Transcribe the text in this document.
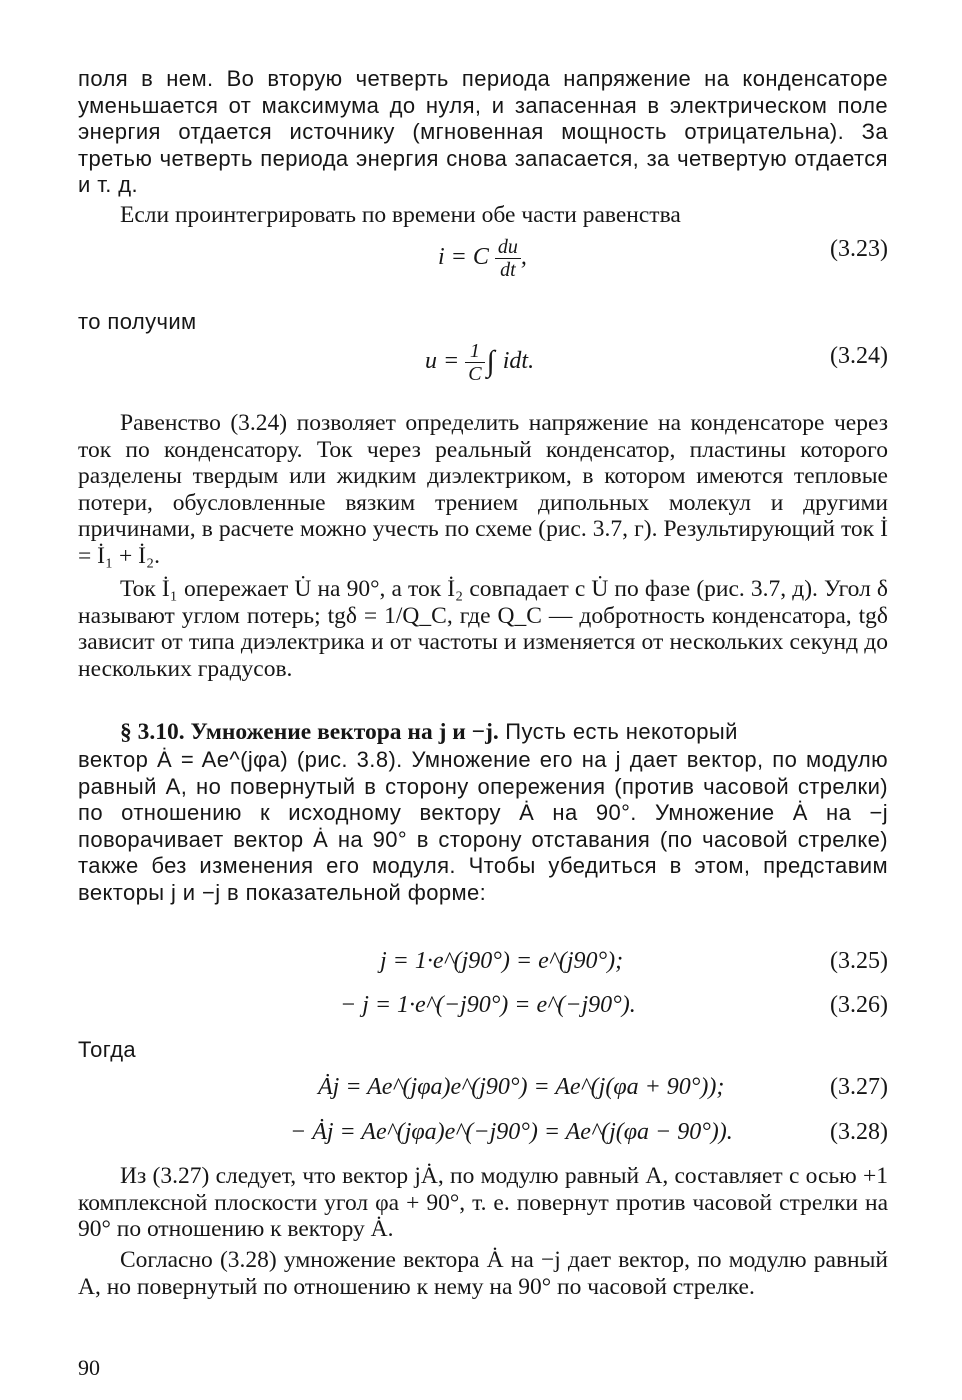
поля в нем. Во вторую четверть периода напряжение на конденсаторе уменьшается от максимума до нуля, и запасенная в электрическом поле энергия отдается источнику (мгновенная мощность отрицательна). За третью четверть периода энергия снова запасается, за четвертую отдается и т. д.

Если проинтегрировать по времени обе части равенства
i = C $\frac{du}{dt}$ ,	(3.23)
то получим
$u = \frac{1}{C}$ ∫ idt.	(3.24)

Равенство (3.24) позволяет определить напряжение на конденсаторе через ток по конденсатору. Ток через реальный конденсатор, пластины которого разделены твердым или жидким диэлектриком, в котором имеются тепловые потери, обусловленные вязким трением дипольных молекул и другими причинами, в расчете можно учесть по схеме (рис. 3.7, г). Результирующий ток İ = İ₁ + İ₂.

Ток İ₁ опережает U̇ на 90°, а ток İ₂ совпадает с U̇ по фазе (рис. 3.7, д). Угол δ называют углом потерь; tgδ = 1/Q_C, где Q_C — добротность конденсатора, tgδ зависит от типа диэлектрика и от частоты и изменяется от нескольких секунд до нескольких градусов.

§ 3.10. Умножение вектора на j и −j. Пусть есть некоторый

вектор Ȧ = Ae^(jφa) (рис. 3.8). Умножение его на j дает вектор, по модулю равный A, но повернутый в сторону опережения (против часовой стрелки) по отношению к исходному вектору Ȧ на 90°. Умножение Ȧ на −j поворачивает вектор Ȧ на 90° в сторону отставания (по часовой стрелке) также без изменения его модуля. Чтобы убедиться в этом, представим векторы j и −j в показательной форме:

j = 1·e^(j90°) = e^(j90°);	(3.25)
− j = 1·e^(−j90°) = e^(−j90°).	(3.26)
Тогда
Ȧj = Ae^(jφa)e^(j90°) = Ae^(j(φa + 90°));	(3.27)
− Ȧj = Ae^(jφa)e^(−j90°) = Ae^(j(φa − 90°)).	(3.28)

Из (3.27) следует, что вектор jȦ, по модулю равный A, составляет с осью +1 комплексной плоскости угол φa + 90°, т. е. повернут против часовой стрелки на 90° по отношению к вектору Ȧ.

Согласно (3.28) умножение вектора Ȧ на −j дает вектор, по модулю равный A, но повернутый по отношению к нему на 90° по часовой стрелке.

90
